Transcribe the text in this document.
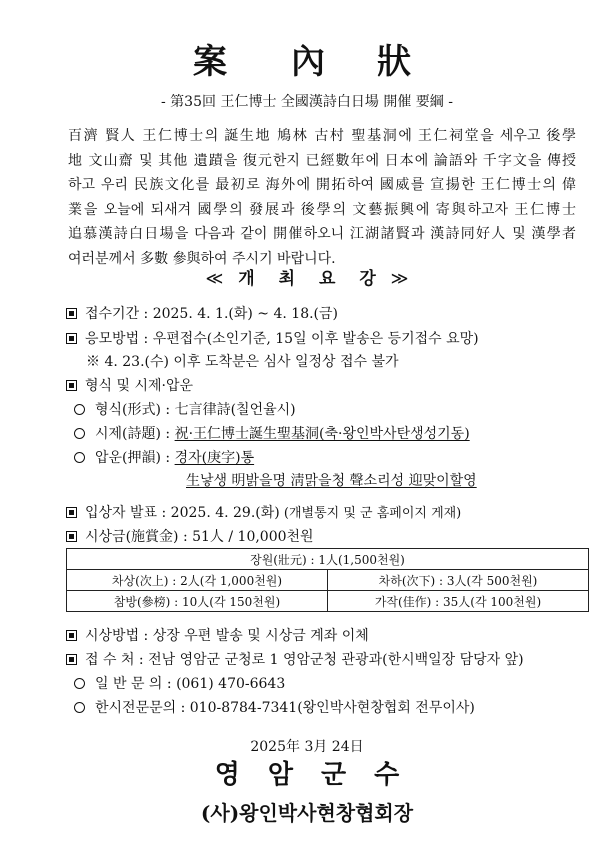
案 內 狀
- 第35回 王仁博士 全國漢詩白日場 開催 要綱 -
百濟 賢人 王仁博士의 誕生地 鳩林 古村 聖基洞에 王仁祠堂을 세우고 後學
地 文山齋 및 其他 遺蹟을 復元한지 已經數年에 日本에 論語와 千字文을 傳授
하고 우리 民族文化를 最初로 海外에 開拓하여 國威를 宣揚한 王仁博士의 偉
業을 오늘에 되새겨 國學의 發展과 後學의 文藝振興에 寄與하고자 王仁博士
追慕漢詩白日場을 다음과 같이 開催하오니 江湖諸賢과 漢詩同好人 및 漢學者
여러분께서 多數 參與하여 주시기 바랍니다.
≪ 개 최 요 강 ≫
접수기간 : 2025. 4. 1.(화) ~ 4. 18.(금)
응모방법 : 우편접수(소인기준, 15일 이후 발송은 등기접수 요망)
※ 4. 23.(수) 이후 도착분은 심사 일정상 접수 불가
형식 및 시제·압운
형식(形式) : 七言律詩(칠언율시)
시제(詩題) : 祝·王仁博士誕生聖基洞(축·왕인박사탄생성기동)
압운(押韻) : 경자(庚字)통
生낳생 明밝을명 淸맑을청 聲소리성 迎맞이할영
입상자 발표 : 2025. 4. 29.(화) (개별통지 및 군 홈페이지 게재)
시상금(施賞金) : 51人 / 10,000천원
장원(壯元) : 1人(1,500천원)	
차상(次上) : 2人(각 1,000천원)	차하(次下) : 3人(각 500천원)
참방(參榜) : 10人(각 150천원)	가작(佳作) : 35人(각 100천원)
시상방법 : 상장 우편 발송 및 시상금 계좌 이체
접 수 처 : 전남 영암군 군청로 1 영암군청 관광과(한시백일장 담당자 앞)
일 반 문 의 : (061) 470-6643
한시전문문의 : 010-8784-7341(왕인박사현창협회 전무이사)
2025年 3月 24日
영 암 군 수
(사)왕인박사현창협회장
